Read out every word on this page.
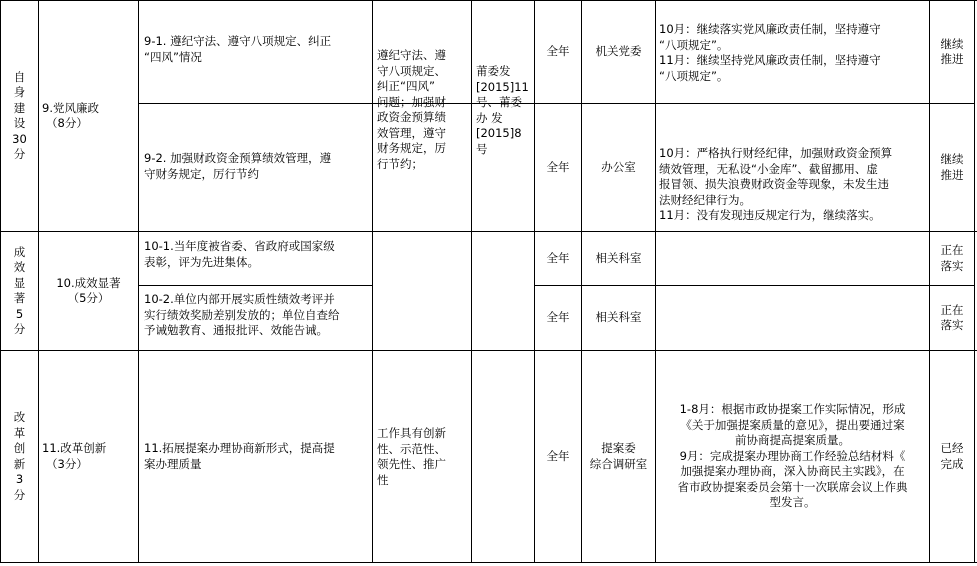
自
身
建
设
30
分
成
效
显
著
5
分
改
革
创
新
3
分
9.党风廉政
（8分）
10.成效显著
（5分）
11.改革创新
（3分）
9-1. 遵纪守法、遵守八项规定、纠正
“四风”情况
9-2. 加强财政资金预算绩效管理，遵
守财务规定，厉行节约
10-1.当年度被省委、省政府或国家级
表彰，评为先进集体。
10-2.单位内部开展实质性绩效考评并
实行绩效奖励差别发放的；单位自查给
予诫勉教育、通报批评、效能告诫。
11.拓展提案办理协商新形式，提高提
案办理质量
遵纪守法、遵
守八项规定、
纠正“四风”
问题；加强财
政资金预算绩
效管理，遵守
财务规定，厉
行节约；
工作具有创新
性、示范性、
领先性、推广
性
莆委发
[2015]11
号、莆委
办 发
[2015]8
号
全年
全年
全年
全年
全年
机关党委
办公室
相关科室
相关科室
提案委
综合调研室
10月：继续落实党风廉政责任制，坚持遵守
“八项规定”。
11月：继续坚持党风廉政责任制，坚持遵守
“八项规定”。
10月：严格执行财经纪律，加强财政资金预算
绩效管理，无私设“小金库”、截留挪用、虚
报冒领、损失浪费财政资金等现象，未发生违
法财经纪律行为。
11月：没有发现违反规定行为，继续落实。
1-8月：根据市政协提案工作实际情况，形成
《关于加强提案质量的意见》，提出要通过案
前协商提高提案质量。
9月：完成提案办理协商工作经验总结材料《
加强提案办理协商，深入协商民主实践》，在
省市政协提案委员会第十一次联席会议上作典
型发言。
继续
推进
继续
推进
正在
落实
正在
落实
已经
完成
